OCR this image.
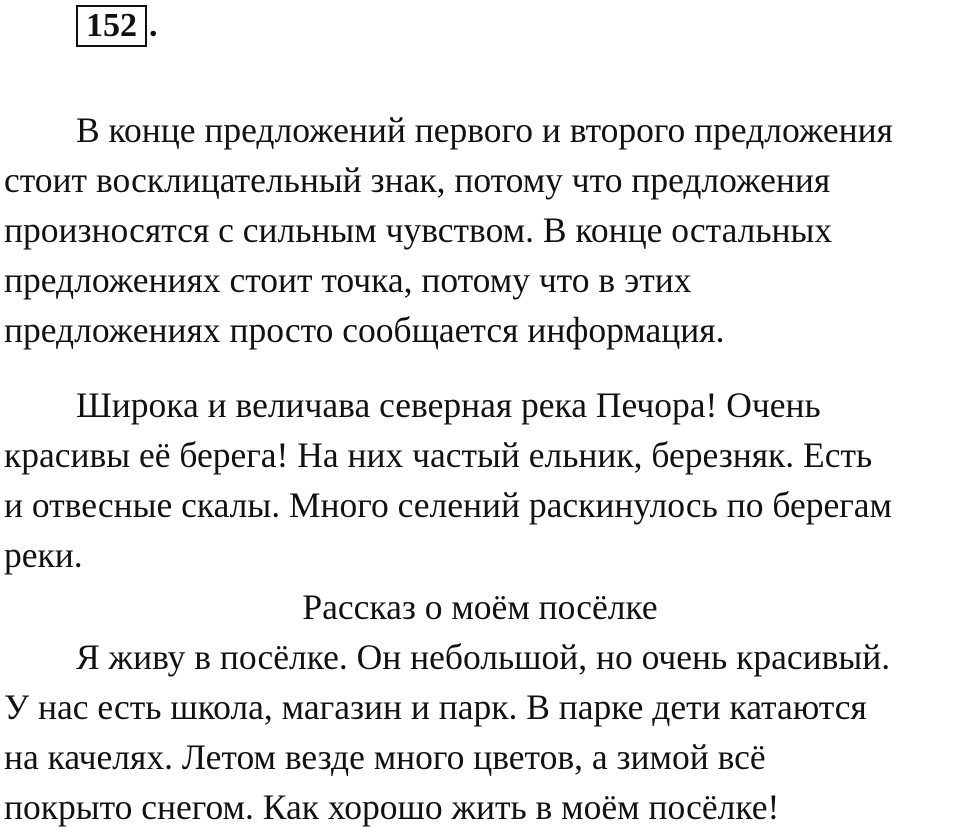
152 .
В конце предложений первого и второго предложения
стоит восклицательный знак, потому что предложения
произносятся с сильным чувством. В конце остальных
предложениях стоит точка, потому что в этих
предложениях просто сообщается информация.
Широка и величава северная река Печора! Очень
красивы её берега! На них частый ельник, березняк. Есть
и отвесные скалы. Много селений раскинулось по берегам
реки.
Рассказ о моём посёлке
Я живу в посёлке. Он небольшой, но очень красивый.
У нас есть школа, магазин и парк. В парке дети катаются
на качелях. Летом везде много цветов, а зимой всё
покрыто снегом. Как хорошо жить в моём посёлке!
